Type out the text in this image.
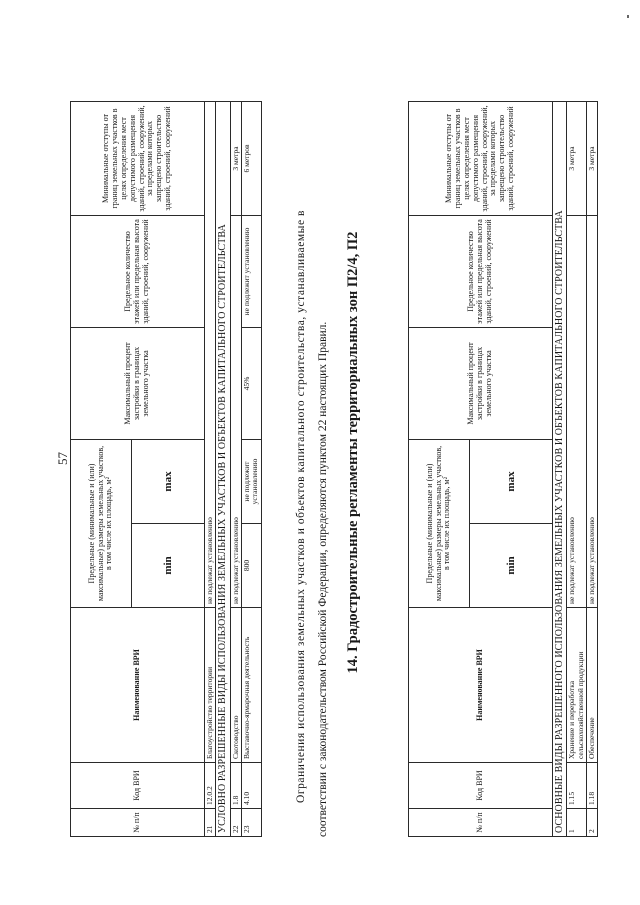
57
№ п/п	Код ВРИ	Наименование ВРИ	Предельные (минимальные и (или) максимальные) размеры земельных участков, в том числе их площадь, м²		Максимальный процент застройки в границах земельного участка	Предельное количество этажей или предельная высота зданий, строений, сооружений	Минимальные отступы от границ земельных участков в целях определения мест допустимого размещения зданий, строений, сооружений, за пределами которых запрещено строительство зданий, строений, сооружений
			min	max			
21	12.0.2	Благоустройство территории	не подлежат установлению				
УСЛОВНО РАЗРЕШЕННЫЕ ВИДЫ ИСПОЛЬЗОВАНИЯ ЗЕМЕЛЬНЫХ УЧАСТКОВ И ОБЪЕКТОВ КАПИТАЛЬНОГО СТРОИТЕЛЬСТВА							
22	1.8	Скотоводство	не подлежат установлению				3 метра
23	4.10	Выставочно-ярмарочная деятельность	800	не подлежит установлению	45%	не подлежит установлению	6 метров
Ограничения использования земельных участков и объектов капитального строительства, устанавливаемые в соответствии с законодательством Российской Федерации, определяются пунктом 22 настоящих Правил. 14. Градостроительные регламенты территориальных зон П2/4, П2
№ п/п	Код ВРИ	Наименование ВРИ	Предельные (минимальные и (или) максимальные) размеры земельных участков, в том числе их площадь, м²		Максимальный процент застройки в границах земельного участка	Предельное количество этажей или предельная высота зданий, строений, сооружений	Минимальные отступы от границ земельных участков в целях определения мест допустимого размещения зданий, строений, сооружений, за пределами которых запрещено строительство зданий, строений, сооружений
			min	max			
ОСНОВНЫЕ ВИДЫ РАЗРЕШЕННОГО ИСПОЛЬЗОВАНИЯ ЗЕМЕЛЬНЫХ УЧАСТКОВ И ОБЪЕКТОВ КАПИТАЛЬНОГО СТРОИТЕЛЬСТВА							
1	1.15	Хранение и переработка сельскохозяйственной продукции	не подлежат установлению				3 метра
2	1.18	Обеспечение	не подлежат установлению				3 метра
